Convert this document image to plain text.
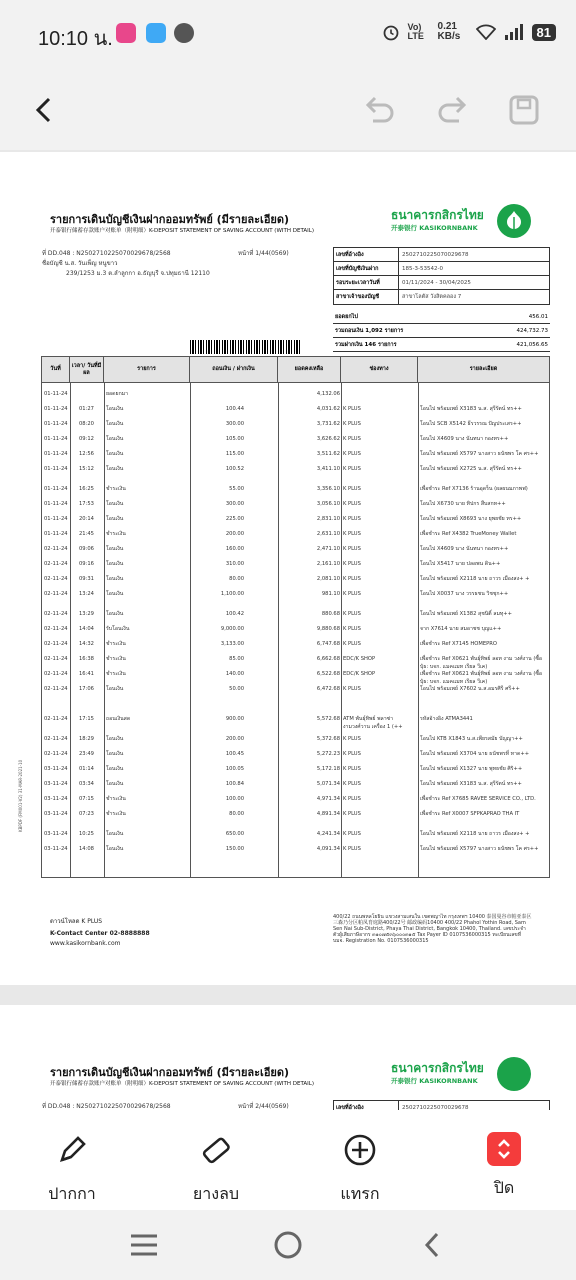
10:10 น.
Vo) LTE
0.21 KB/s	81
รายการเดินบัญชีเงินฝากออมทรัพย์ (มีรายละเอียด)
开泰银行储蓄存款账户对账单（附明细）K-DEPOSIT STATEMENT OF SAVING ACCOUNT (WITH DETAIL)
ธนาคารกสิกรไทย
开泰银行 KASIKORNBANK
ที่ DD.048 : N2502710225070029678/2568	หน้าที่ 1/44(0569)
ชื่อบัญชี น.ส. วันเพ็ญ หนูขาว
239/1253 ม.3 ต.ลำลูกกา อ.ธัญบุรี จ.ปทุมธานี 12110
เลขที่อ้างอิง	2502710225070029678
เลขที่บัญชีเงินฝาก	185-3-53542-0
รอบระยะเวลาวันที่	01/11/2024 - 30/04/2025
สาขาเจ้าของบัญชี	สาขาโลตัส วังสิตคลอง 7
ยอดยกไป	456.01
รวมถอนเงิน 1,092 รายการ	424,732.73
รวมฝากเงิน 146 รายการ	421,056.65
วันที่
เวลา/ วันที่มีผล
รายการ	ถอนเงิน / ฝากเงิน	ยอดคงเหลือ	ช่องทาง	รายละเอียด
01-11-24	ยอดยกมา	4,132.06
01-11-24 01:27 โอนเงิน	100.44	4,031.62 K PLUS	โอนไป พร้อมเพย์ X3183 น.ส. สุรีรัตน์ ทร++
01-11-24 08:20 โอนเงิน	300.00	3,731.62 K PLUS	โอนไป SCB X5142 ธีรวรรณ ปัญประเสร++
01-11-24 09:12 โอนเงิน	105.00	3,626.62 K PLUS	โอนไป X4609 นาง นันทนา กองทร++
01-11-24 12:56 โอนเงิน	115.00	3,511.62 K PLUS	โอนไป พร้อมเพย์ X5797 นางสาว ธนัชพร โค ศร++
01-11-24 15:12 โอนเงิน	100.52	3,411.10 K PLUS	โอนไป พร้อมเพย์ X2725 น.ส. สุรีรัตน์ ทร++
01-11-24 16:25 ชำระเงิน	55.00	3,356.10 K PLUS	เพื่อชำระ Ref X7136 ร้านอุดร็น (ผลผนมภาพฟ)
01-11-24 17:53 โอนเงิน	300.00	3,056.10 K PLUS	โอนไป X6730 นาย ทิปกร สืบสกท++
01-11-24 20:14 โอนเงิน	225.00	2,831.10 K PLUS	โอนไป พร้อมเพย์ X8693 นาง ยุพยชัย ทร++
01-11-24 21:45 ชำระเงิน	200.00	2,631.10 K PLUS	เพื่อชำระ Ref X4382 TrueMoney Wallet
02-11-24 09:06 โอนเงิน	160.00	2,471.10 K PLUS	โอนไป X4609 นาง นันทนา กองทร++
02-11-24 09:16 โอนเงิน	310.00	2,161.10 K PLUS	โอนไป X5417 นาย ปลอพน ดิน++
02-11-24 09:31 โอนเงิน	80.00	2,081.10 K PLUS	โอนไป พร้อมเพย์ X2118 นาย ถาวร เมืองสง+ +
02-11-24 13:24 โอนเงิน	1,100.00	981.10 K PLUS	โอนไป X0037 นาง วรรธชน วิชชุก++
02-11-24 13:29 โอนเงิน	100.42	880.68 K PLUS	โอนไป พร้อมเพย์ X1382 สุชนิติ์ ลมทุ++
02-11-24 14:04 รับโอนเงิน	9,000.00	9,880.68 K PLUS	จาก X7614 นาย สมอาชช บุญแ++
02-11-24 14:32 ชำระเงิน	3,133.00	6,747.68 K PLUS	เพื่อชำระ Ref X7145 HOMEPRO
02-11-24 16:38 ชำระเงิน	85.00	6,662.68 EDC/K SHOP	เพื่อชำระ Ref X0621 พันธุ์ทิพย์ ลอท งาม วงศ์งาน (ซื้อบุ้ธ: บจก. แมคแมท เรียล วีเค)
02-11-24 16:41 ชำระเงิน	140.00	6,522.68 EDC/K SHOP	เพื่อชำระ Ref X0621 พันธุ์ทิพย์ ลอท งาม วงศ์งาน (ซื้อบุ้ธ: บจก. แมคแมท เรียล วีเค)
02-11-24 17:06 โอนเงิน	50.00	6,472.68 K PLUS	โอนไป พร้อมเพย์ X7602 น.ส.อมรศิรี ศรี++
02-11-24 17:15 ถอนเงินสด	900.00	5,572.68 ATM พันธุ์ทิพย์ พลาซ่า งามวงศ์วาน เครื่อง 1 (++
รหัสอ้างอิง ATMA3441
02-11-24 18:29 โอนเงิน	200.00	5,372.68 K PLUS	โอนไป KTB X1843 น.ส.เพียรสมัย บัญญา++
02-11-24 23:49 โอนเงิน	100.45	5,272.23 K PLUS	โอนไป พร้อมเพย์ X3704 นาย ธนัชพรที่ ทาด++
03-11-24 01:14 โอนเงิน	100.05	5,172.18 K PLUS	โอนไป พร้อมเพย์ X1327 นาย พุทธชัย ศิริ++
03-11-24 03:34 โอนเงิน	100.84	5,071.34 K PLUS	โอนไป พร้อมเพย์ X3183 น.ส. สุรีรัตน์ ทร++
03-11-24 07:15 ชำระเงิน	100.00	4,971.34 K PLUS	เพื่อชำระ Ref X7685 RAVEE SERVICE CO., LTD.
03-11-24 07:23 ชำระเงิน	80.00	4,891.34 K PLUS	เพื่อชำระ Ref X0007 SFPKAPRAO THA IT
03-11-24 10:25 โอนเงิน	650.00	4,241.34 K PLUS	โอนไป พร้อมเพย์ X2118 นาย ถาวร เมืองสง+ +
03-11-24 14:08 โอนเงิน	150.00	4,091.34 K PLUS	โอนไป พร้อมเพย์ X5797 นางสาว ธนัชพร โค ศร++
KBPDF (FM001-V2) 31-MAR-2021-10
ดาวน์โหลด K PLUS
K-Contact Center 02-8888888
www.kasikornbank.com
400/22 ถนนพหลโยธิน แขวงสามเสนใน เขตพญาไท กรุงเทพฯ 10400 泰国曼谷市帕亚泰区三森乃分区帕凤育庭路400/22号 邮政编码10400 400/22 Phahol Yothin Road, Sam Sen Nai Sub-District, Phaya Thai District, Bangkok 10400, Thailand. เลขประจำตัวผู้เสียภาษีอากร ๓๑๐๗๕๓๖๐๐๐๓๑๕ Tax Payer ID 0107536000315 ทะเบียนเลขที่ บมจ. Registration No. 0107536000315
รายการเดินบัญชีเงินฝากออมทรัพย์ (มีรายละเอียด)
开泰银行储蓄存款账户对账单（附明细）K-DEPOSIT STATEMENT OF SAVING ACCOUNT (WITH DETAIL)
ธนาคารกสิกรไทย
开泰银行 KASIKORNBANK
ที่ DD.048 : N2502710225070029678/2568	หน้าที่ 2/44(0569)	เลขที่อ้างอิง	2502710225070029678
ปากกา	ยางลบ	แทรก	ปิด
